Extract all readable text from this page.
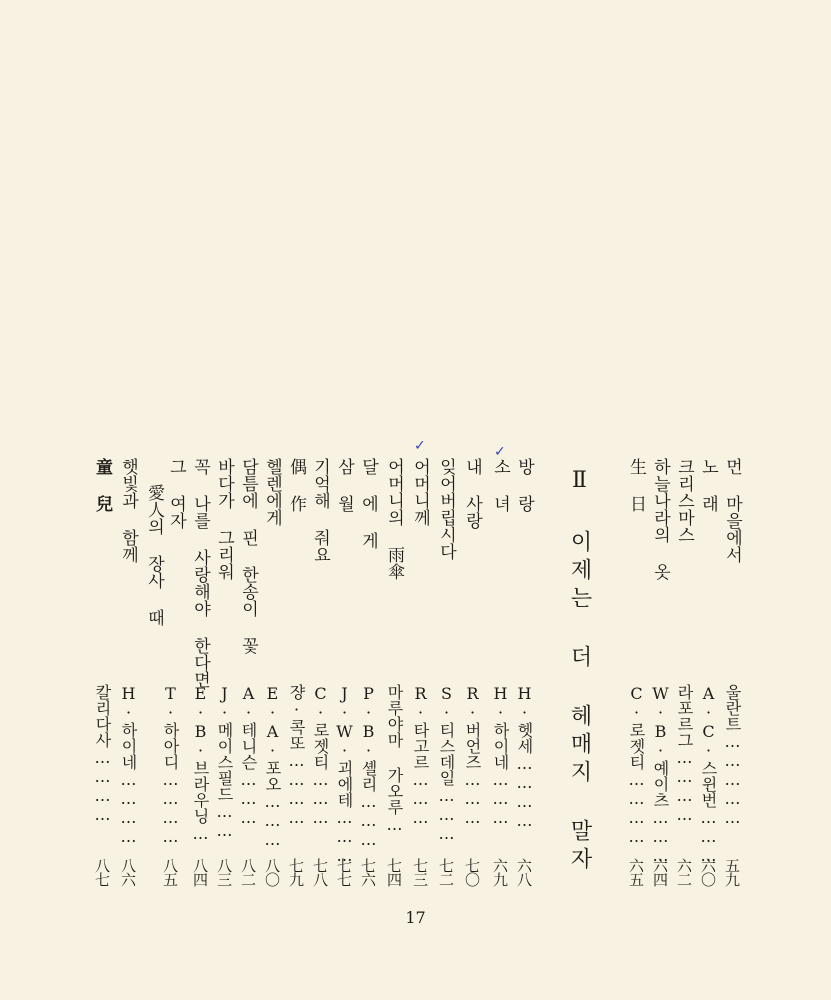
먼 마을에서
울란트……………
五九
노 래
A·C·스윈번………
六〇
크리스마스
라포르그…………
六二
하늘나라의 옷
W·B·예이츠………
六四
生 日
C·로젯티…………
六五
Ⅱ 이제는 더 헤매지 말자
방 랑
H·헷세…………
六八
소 녀
H·하이네………
六九
내 사랑
R·버언즈………
七〇
잊어버립시다
S·티스데일………
七二
어머니께
R·타고르………
七三
어머니의 雨傘
마루야마 가오루…
七四
달 에 게
P·B·셸리………
七六
삼 월
J·W·괴에테………
七七
기억해 줘요
C·로젯티………
七八
偶 作
쟝·콕또…………
七九
헬렌에게
E·A·포오………
八〇
담틈에 핀 한송이 꽃
A·테니슨………
八二
바다가 그리워
J·메이스필드……
八三
꼭 나를 사랑해야 한다면
E·B·브라우닝…
八四
그 여자
T·하아디…………
八五
愛人의 장사 때
햇빛과 함께
H·하이네…………
八六
童 兒
칼리다사…………
八七
✓	✓
17
